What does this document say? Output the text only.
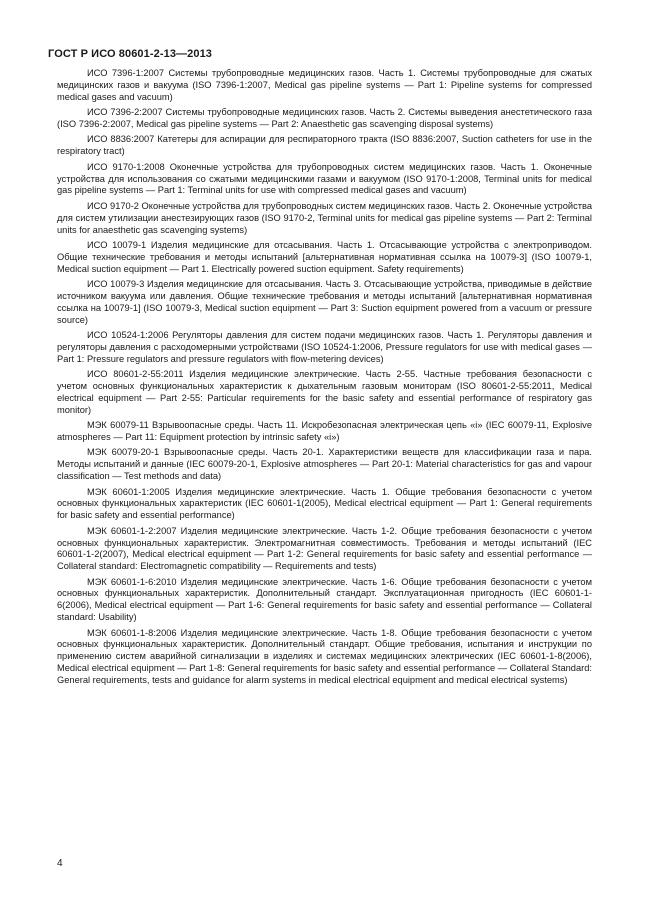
ГОСТ Р ИСО 80601-2-13—2013

ИСО 7396-1:2007 Системы трубопроводные медицинских газов. Часть 1. Системы трубопроводные для сжатых медицинских газов и вакуума (ISO 7396-1:2007, Medical gas pipeline systems — Part 1: Pipeline systems for compressed medical gases and vacuum)

ИСО 7396-2:2007 Системы трубопроводные медицинских газов. Часть 2. Системы выведения анестетического газа (ISO 7396-2:2007, Medical gas pipeline systems — Part 2: Anaesthetic gas scavenging disposal systems)

ИСО 8836:2007 Катетеры для аспирации для респираторного тракта (ISO 8836:2007, Suction catheters for use in the respiratory tract)

ИСО 9170-1:2008 Оконечные устройства для трубопроводных систем медицинских газов. Часть 1. Оконечные устройства для использования со сжатыми медицинскими газами и вакуумом (ISO 9170-1:2008, Terminal units for medical gas pipeline systems — Part 1: Terminal units for use with compressed medical gases and vacuum)

ИСО 9170-2 Оконечные устройства для трубопроводных систем медицинских газов. Часть 2. Оконечные устройства для систем утилизации анестезирующих газов (ISO 9170-2, Terminal units for medical gas pipeline systems — Part 2: Terminal units for anaesthetic gas scavenging systems)

ИСО 10079-1 Изделия медицинские для отсасывания. Часть 1. Отсасывающие устройства с электроприводом. Общие технические требования и методы испытаний [альтернативная нормативная ссылка на 10079-3] (ISO 10079-1, Medical suction equipment — Part 1. Electrically powered suction equipment. Safety requirements)

ИСО 10079-3 Изделия медицинские для отсасывания. Часть 3. Отсасывающие устройства, приводимые в действие источником вакуума или давления. Общие технические требования и методы испытаний [альтернативная нормативная ссылка на 10079-1] (ISO 10079-3, Medical suction equipment — Part 3: Suction equipment powered from a vacuum or pressure source)

ИСО 10524-1:2006 Регуляторы давления для систем подачи медицинских газов. Часть 1. Регуляторы давления и регуляторы давления с расходомерными устройствами (ISO 10524-1:2006, Pressure regulators for use with medical gases — Part 1: Pressure regulators and pressure regulators with flow-metering devices)

ИСО 80601-2-55:2011 Изделия медицинские электрические. Часть 2-55. Частные требования безопасности с учетом основных функциональных характеристик к дыхательным газовым мониторам (ISO 80601-2-55:2011, Medical electrical equipment — Part 2-55: Particular requirements for the basic safety and essential performance of respiratory gas monitor)

МЭК 60079-11 Взрывоопасные среды. Часть 11. Искробезопасная электрическая цепь «i» (IEC 60079-11, Explosive atmospheres — Part 11: Equipment protection by intrinsic safety «i»)

МЭК 60079-20-1 Взрывоопасные среды. Часть 20-1. Характеристики веществ для классификации газа и пара. Методы испытаний и данные (IEC 60079-20-1, Explosive atmospheres — Part 20-1: Material characteristics for gas and vapour classification — Test methods and data)

МЭК 60601-1:2005 Изделия медицинские электрические. Часть 1. Общие требования безопасности с учетом основных функциональных характеристик (IEC 60601-1(2005), Medical electrical equipment — Part 1: General requirements for basic safety and essential performance)

МЭК 60601-1-2:2007 Изделия медицинские электрические. Часть 1-2. Общие требования безопасности с учетом основных функциональных характеристик. Электромагнитная совместимость. Требования и методы испытаний (IEC 60601-1-2(2007), Medical electrical equipment — Part 1-2: General requirements for basic safety and essential performance — Collateral standard: Electromagnetic compatibility — Requirements and tests)

МЭК 60601-1-6:2010 Изделия медицинские электрические. Часть 1-6. Общие требования безопасности с учетом основных функциональных характеристик. Дополнительный стандарт. Эксплуатационная пригодность (IEC 60601-1-6(2006), Medical electrical equipment — Part 1-6: General requirements for basic safety and essential performance — Collateral standard: Usability)

МЭК 60601-1-8:2006 Изделия медицинские электрические. Часть 1-8. Общие требования безопасности с учетом основных функциональных характеристик. Дополнительный стандарт. Общие требования, испытания и инструкции по применению систем аварийной сигнализации в изделиях и системах медицинских электрических (IEC 60601-1-8(2006), Medical electrical equipment — Part 1-8: General requirements for basic safety and essential performance — Collateral Standard: General requirements, tests and guidance for alarm systems in medical electrical equipment and medical electrical systems)

4
